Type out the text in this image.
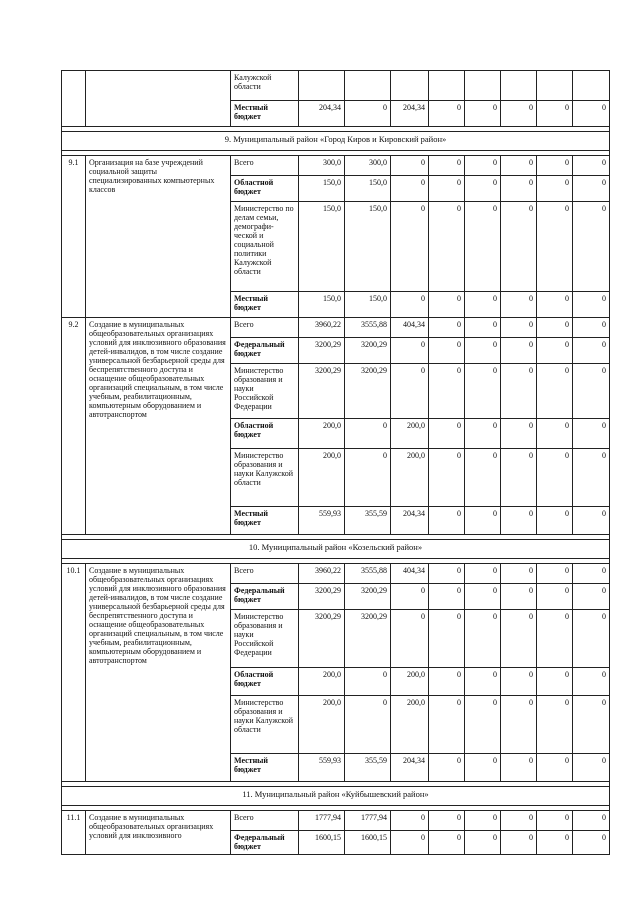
		Калужской области								
		Местный бюджет	204,34	0	204,34	0	0	0	0	0

9. Муниципальный район «Город Киров и Кировский район»										

9.1	Организация на базе учреждений социальной защиты специализированных компьютерных классов	Всего	300,0	300,0	0	0	0	0	0	0
		Областной бюджет	150,0	150,0	0	0	0	0	0	0
		Министерство по делам семьи, демографи-ческой и социальной политики Калужской области	150,0	150,0	0	0	0	0	0	0
		Местный бюджет	150,0	150,0	0	0	0	0	0	0
9.2	Создание в муниципальных общеобразовательных организациях условий для инклюзивного образования детей-инвалидов, в том числе создание универсальной безбарьерной среды для беспрепятственного доступа и оснащение общеобразовательных организаций специальным, в том числе учебным, реабилитационным, компьютерным оборудованием и автотранспортом	Всего	3960,22	3555,88	404,34	0	0	0	0	0
		Федеральный бюджет	3200,29	3200,29	0	0	0	0	0	0
		Министерство образования и науки Российской Федерации	3200,29	3200,29	0	0	0	0	0	0
		Областной бюджет	200,0	0	200,0	0	0	0	0	0
		Министерство образования и науки Калужской области	200,0	0	200,0	0	0	0	0	0
		Местный бюджет	559,93	355,59	204,34	0	0	0	0	0

10. Муниципальный район «Козельский район»										

10.1	Создание в муниципальных общеобразовательных организациях условий для инклюзивного образования детей-инвалидов, в том числе создание универсальной безбарьерной среды для беспрепятственного доступа и оснащение общеобразовательных организаций специальным, в том числе учебным, реабилитационным, компьютерным оборудованием и автотранспортом	Всего	3960,22	3555,88	404,34	0	0	0	0	0
		Федеральный бюджет	3200,29	3200,29	0	0	0	0	0	0
		Министерство образования и науки Российской Федерации	3200,29	3200,29	0	0	0	0	0	0
		Областной бюджет	200,0	0	200,0	0	0	0	0	0
		Министерство образования и науки Калужской области	200,0	0	200,0	0	0	0	0	0
		Местный бюджет	559,93	355,59	204,34	0	0	0	0	0

11. Муниципальный район «Куйбышевский район»										

11.1	Создание в муниципальных общеобразовательных организациях условий для инклюзивного	Всего	1777,94	1777,94	0	0	0	0	0	0
		Федеральный бюджет	1600,15	1600,15	0	0	0	0	0	0
